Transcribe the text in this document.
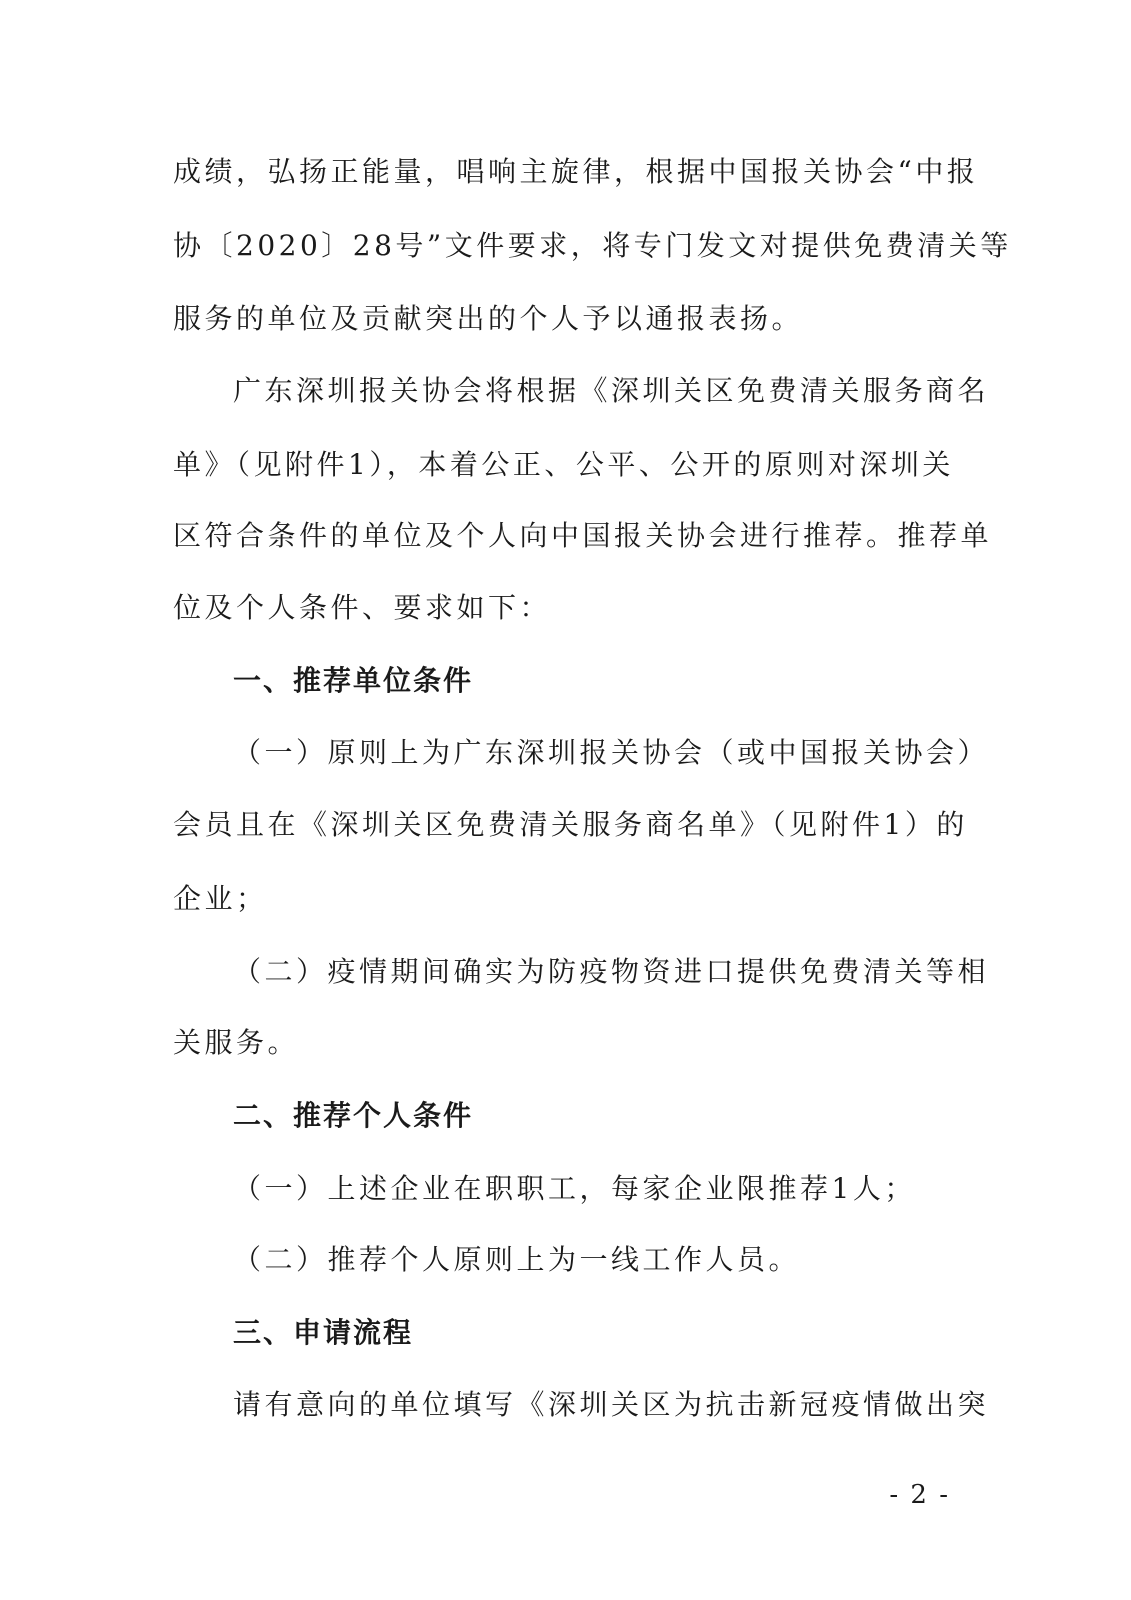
成绩，弘扬正能量，唱响主旋律，根据中国报关协会“中报
协〔2020〕28号”文件要求，将专门发文对提供免费清关等
服务的单位及贡献突出的个人予以通报表扬。
广东深圳报关协会将根据《深圳关区免费清关服务商名
单》（见附件1），本着公正、公平、公开的原则对深圳关
区符合条件的单位及个人向中国报关协会进行推荐。推荐单
位及个人条件、要求如下：
一、推荐单位条件
（一）原则上为广东深圳报关协会（或中国报关协会）
会员且在《深圳关区免费清关服务商名单》（见附件1）的
企业；
（二）疫情期间确实为防疫物资进口提供免费清关等相
关服务。
二、推荐个人条件
（一）上述企业在职职工，每家企业限推荐1人；
（二）推荐个人原则上为一线工作人员。
三、申请流程
请有意向的单位填写《深圳关区为抗击新冠疫情做出突
- 2 -
